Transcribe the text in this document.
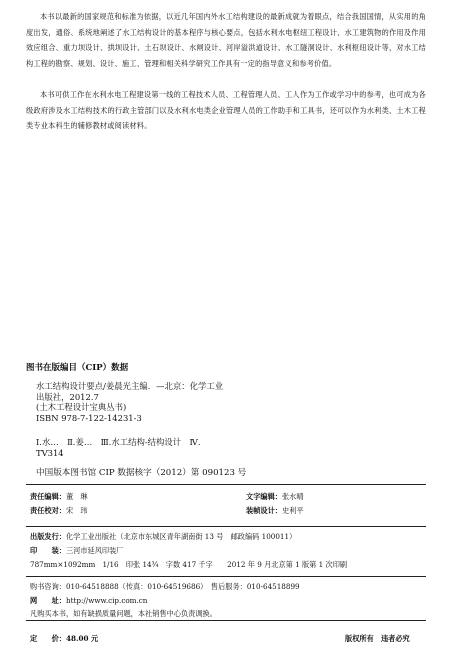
本书以最新的国家规范和标准为依据，以近几年国内外水工结构建设的最新成就为着眼点，结合我国国情，从实用的角度出发，通俗、系统地阐述了水工结构设计的基本程序与核心要点，包括水利水电枢纽工程设计、水工建筑物的作用及作用效应组合、重力坝设计、拱坝设计、土石坝设计、水闸设计、河岸溢洪道设计、水工隧洞设计、水利枢纽设计等，对水工结构工程的勘察、规划、设计、施工、管理和相关科学研究工作具有一定的指导意义和参考价值。

本书可供工作在水利水电工程建设第一线的工程技术人员、工程管理人员、工人作为工作或学习中的参考，也可成为各级政府涉及水工结构技术的行政主管部门以及水利水电类企业管理人员的工作助手和工具书，还可以作为水利类、土木工程类专业本科生的辅修教材或阅读材料。

图书在版编目（CIP）数据
水工结构设计要点/姜晨光主编．—北京：化学工业
出版社，2012.7
(土木工程设计宝典丛书)
ISBN 978-7-122-14231-3
Ⅰ.水…　Ⅱ.姜…　Ⅲ.水工结构-结构设计　Ⅳ.
TV314
中国版本图书馆 CIP 数据核字（2012）第 090123 号
责任编辑：董　琳	文字编辑：张水晴
责任校对：宋　玮	装帧设计：史利平
出版发行：化学工业出版社（北京市东城区青年湖南街 13 号　邮政编码 100011）
印　　装：三河市延风印装厂
787mm×1092mm　1/16　印张 14¾　字数 417 千字　　2012 年 9 月北京第 1 版第 1 次印刷
购书咨询：010-64518888（传真：010-64519686）　售后服务：010-64518899
网　　址：http://www.cip.com.cn
凡购买本书，如有缺损质量问题，本社销售中心负责调换。
定　　价：48.00 元	版权所有　违者必究
